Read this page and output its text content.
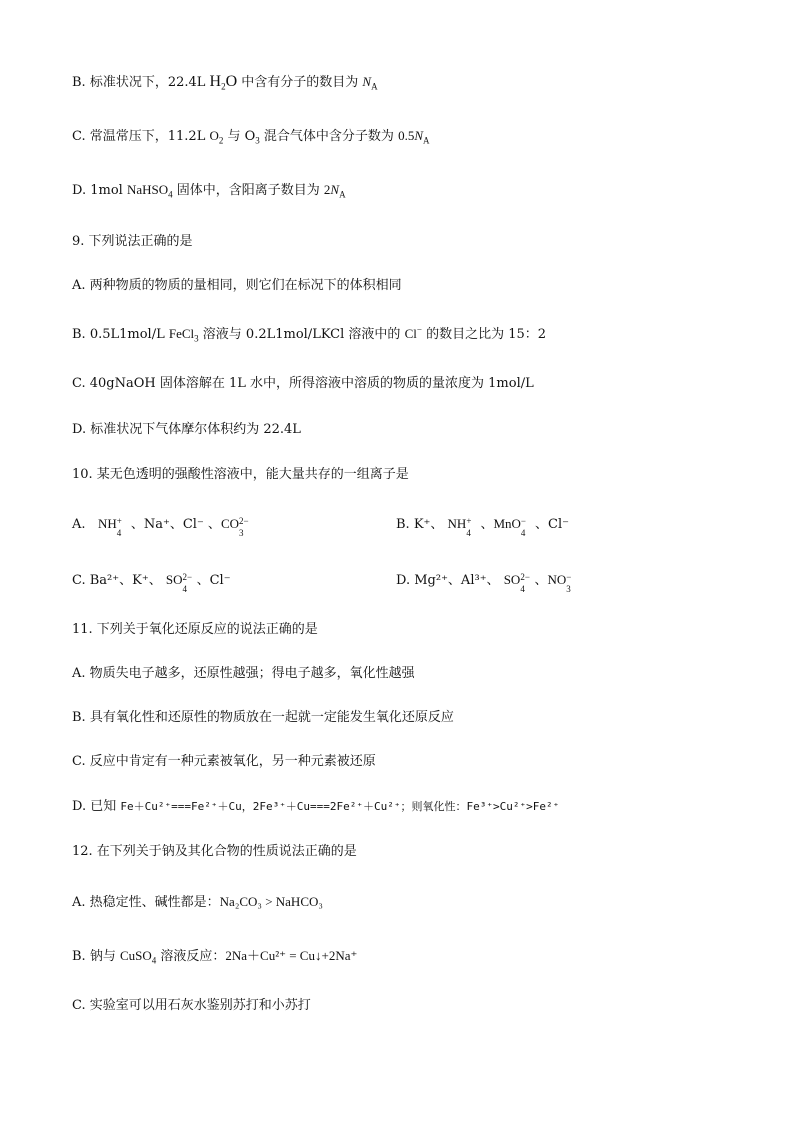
B. 标准状况下，22.4L $H_2O$ 中含有分子的数目为 $N_A$
C. 常温常压下，11.2L $O_2$ 与 $O_3$ 混合气体中含分子数为 $0.5N_A$
D. 1mol NaHSO$_4$ 固体中，含阳离子数目为 $2N_A$
9. 下列说法正确的是
A. 两种物质的物质的量相同，则它们在标况下的体积相同
B. 0.5L1mol/L FeCl$_3$ 溶液与 0.2L1mol/LKCl 溶液中的 Cl− 的数目之比为 15：2
C. 40gNaOH 固体溶解在 1L 水中，所得溶液中溶质的物质的量浓度为 1mol/L
D. 标准状况下气体摩尔体积约为 22.4L
10. 某无色透明的强酸性溶液中，能大量共存的一组离子是
A. NH +
4
、Na⁺、Cl⁻ 、CO 2−
3
B. K⁺、 NH +
4
、MnO −
4
、Cl⁻
C. Ba²⁺、K⁺、 SO 2−
4
、Cl⁻	D. Mg²⁺、Al³⁺、 SO 2−
4
、NO −
3
11. 下列关于氧化还原反应的说法正确的是
A. 物质失电子越多，还原性越强；得电子越多，氧化性越强
B. 具有氧化性和还原性的物质放在一起就一定能发生氧化还原反应
C. 反应中肯定有一种元素被氧化，另一种元素被还原
D. 已知 Fe＋Cu²⁺===Fe²⁺＋Cu，2Fe³⁺＋Cu===2Fe²⁺＋Cu²⁺；则氧化性：Fe³⁺>Cu²⁺>Fe²⁺
12. 在下列关于钠及其化合物的性质说法正确的是
A. 热稳定性、碱性都是：Na₂CO₃ > NaHCO₃
B. 钠与 CuSO$_4$ 溶液反应：2Na＋Cu²⁺ = Cu↓+2Na⁺
C. 实验室可以用石灰水鉴别苏打和小苏打
